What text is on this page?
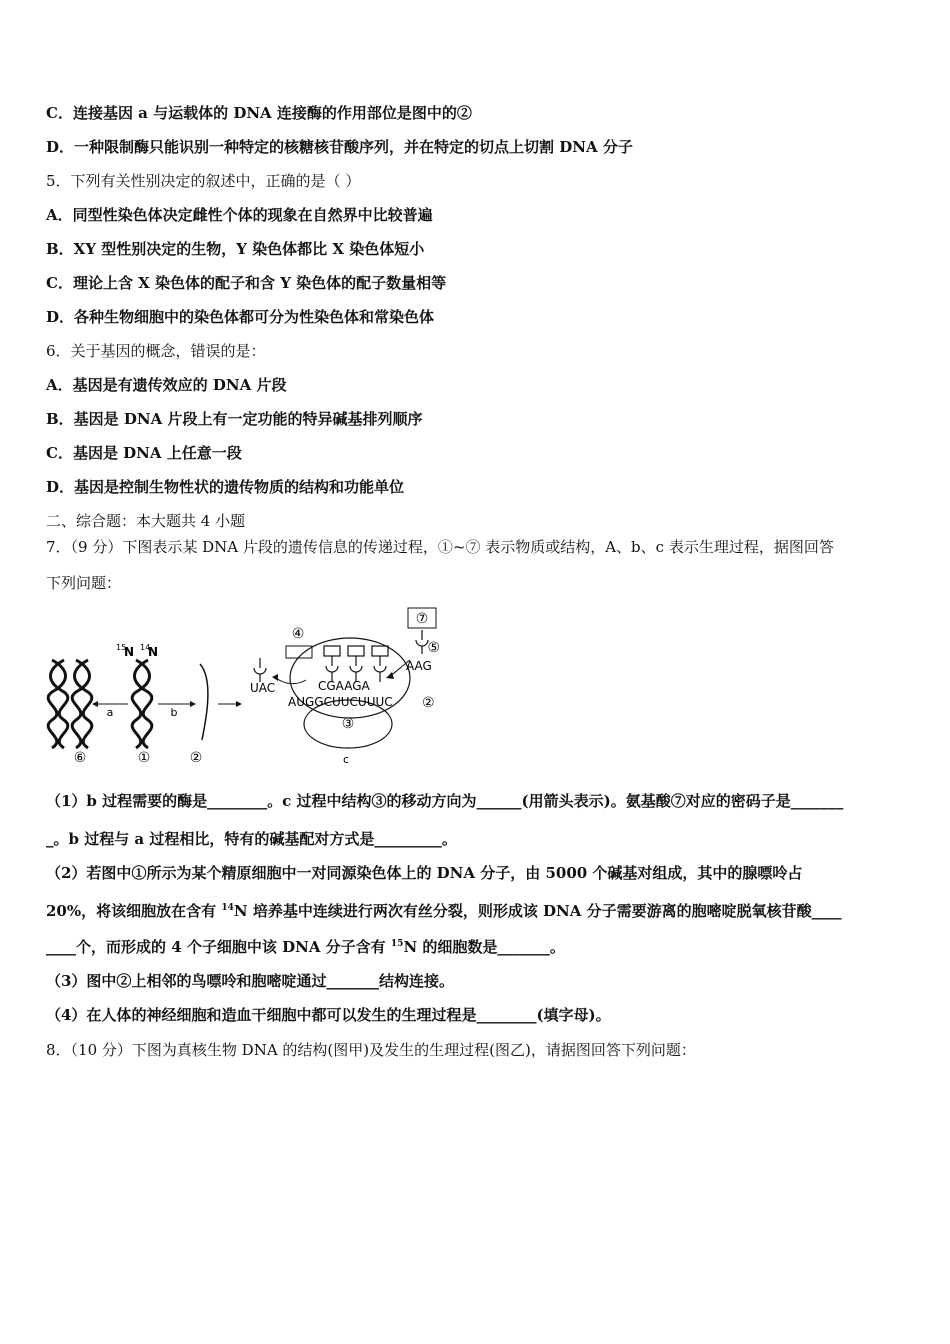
C．连接基因 a 与运载体的 DNA 连接酶的作用部位是图中的②
D．一种限制酶只能识别一种特定的核糖核苷酸序列，并在特定的切点上切割 DNA 分子
5．下列有关性别决定的叙述中，正确的是（ ）
A．同型性染色体决定雌性个体的现象在自然界中比较普遍
B．XY 型性别决定的生物，Y 染色体都比 X 染色体短小
C．理论上含 X 染色体的配子和含 Y 染色体的配子数量相等
D．各种生物细胞中的染色体都可分为性染色体和常染色体
6．关于基因的概念，错误的是：
A．基因是有遗传效应的 DNA 片段
B．基因是 DNA 片段上有一定功能的特异碱基排列顺序
C．基因是 DNA 上任意一段
D．基因是控制生物性状的遗传物质的结构和功能单位
二、综合题：本大题共 4 小题
7．（9 分）下图表示某 DNA 片段的遗传信息的传递过程，①~⑦ 表示物质或结构，A、b、c 表示生理过程，据图回答
下列问题：
a	b
15
N 14
N
④
⑦
⑤
UAC
AAG
CGAAGA
AUGGCUUCUUUC ②
③
c
⑥	①	②
（1）b 过程需要的酶是________。c 过程中结构③的移动方向为______(用箭头表示)。氨基酸⑦对应的密码子是_______
_。b 过程与 a 过程相比，特有的碱基配对方式是_________。
（2）若图中①所示为某个精原细胞中一对同源染色体上的 DNA 分子，由 5000 个碱基对组成，其中的腺嘌呤占
20%，将该细胞放在含有 $^{14}$N 培养基中连续进行两次有丝分裂，则形成该 DNA 分子需要游离的胞嘧啶脱氧核苷酸____
____个，而形成的 4 个子细胞中该 DNA 分子含有 $^{15}$N 的细胞数是_______。
（3）图中②上相邻的鸟嘌呤和胞嘧啶通过_______结构连接。
（4）在人体的神经细胞和造血干细胞中都可以发生的生理过程是________(填字母)。
8．（10 分）下图为真核生物 DNA 的结构(图甲)及发生的生理过程(图乙)，请据图回答下列问题：
